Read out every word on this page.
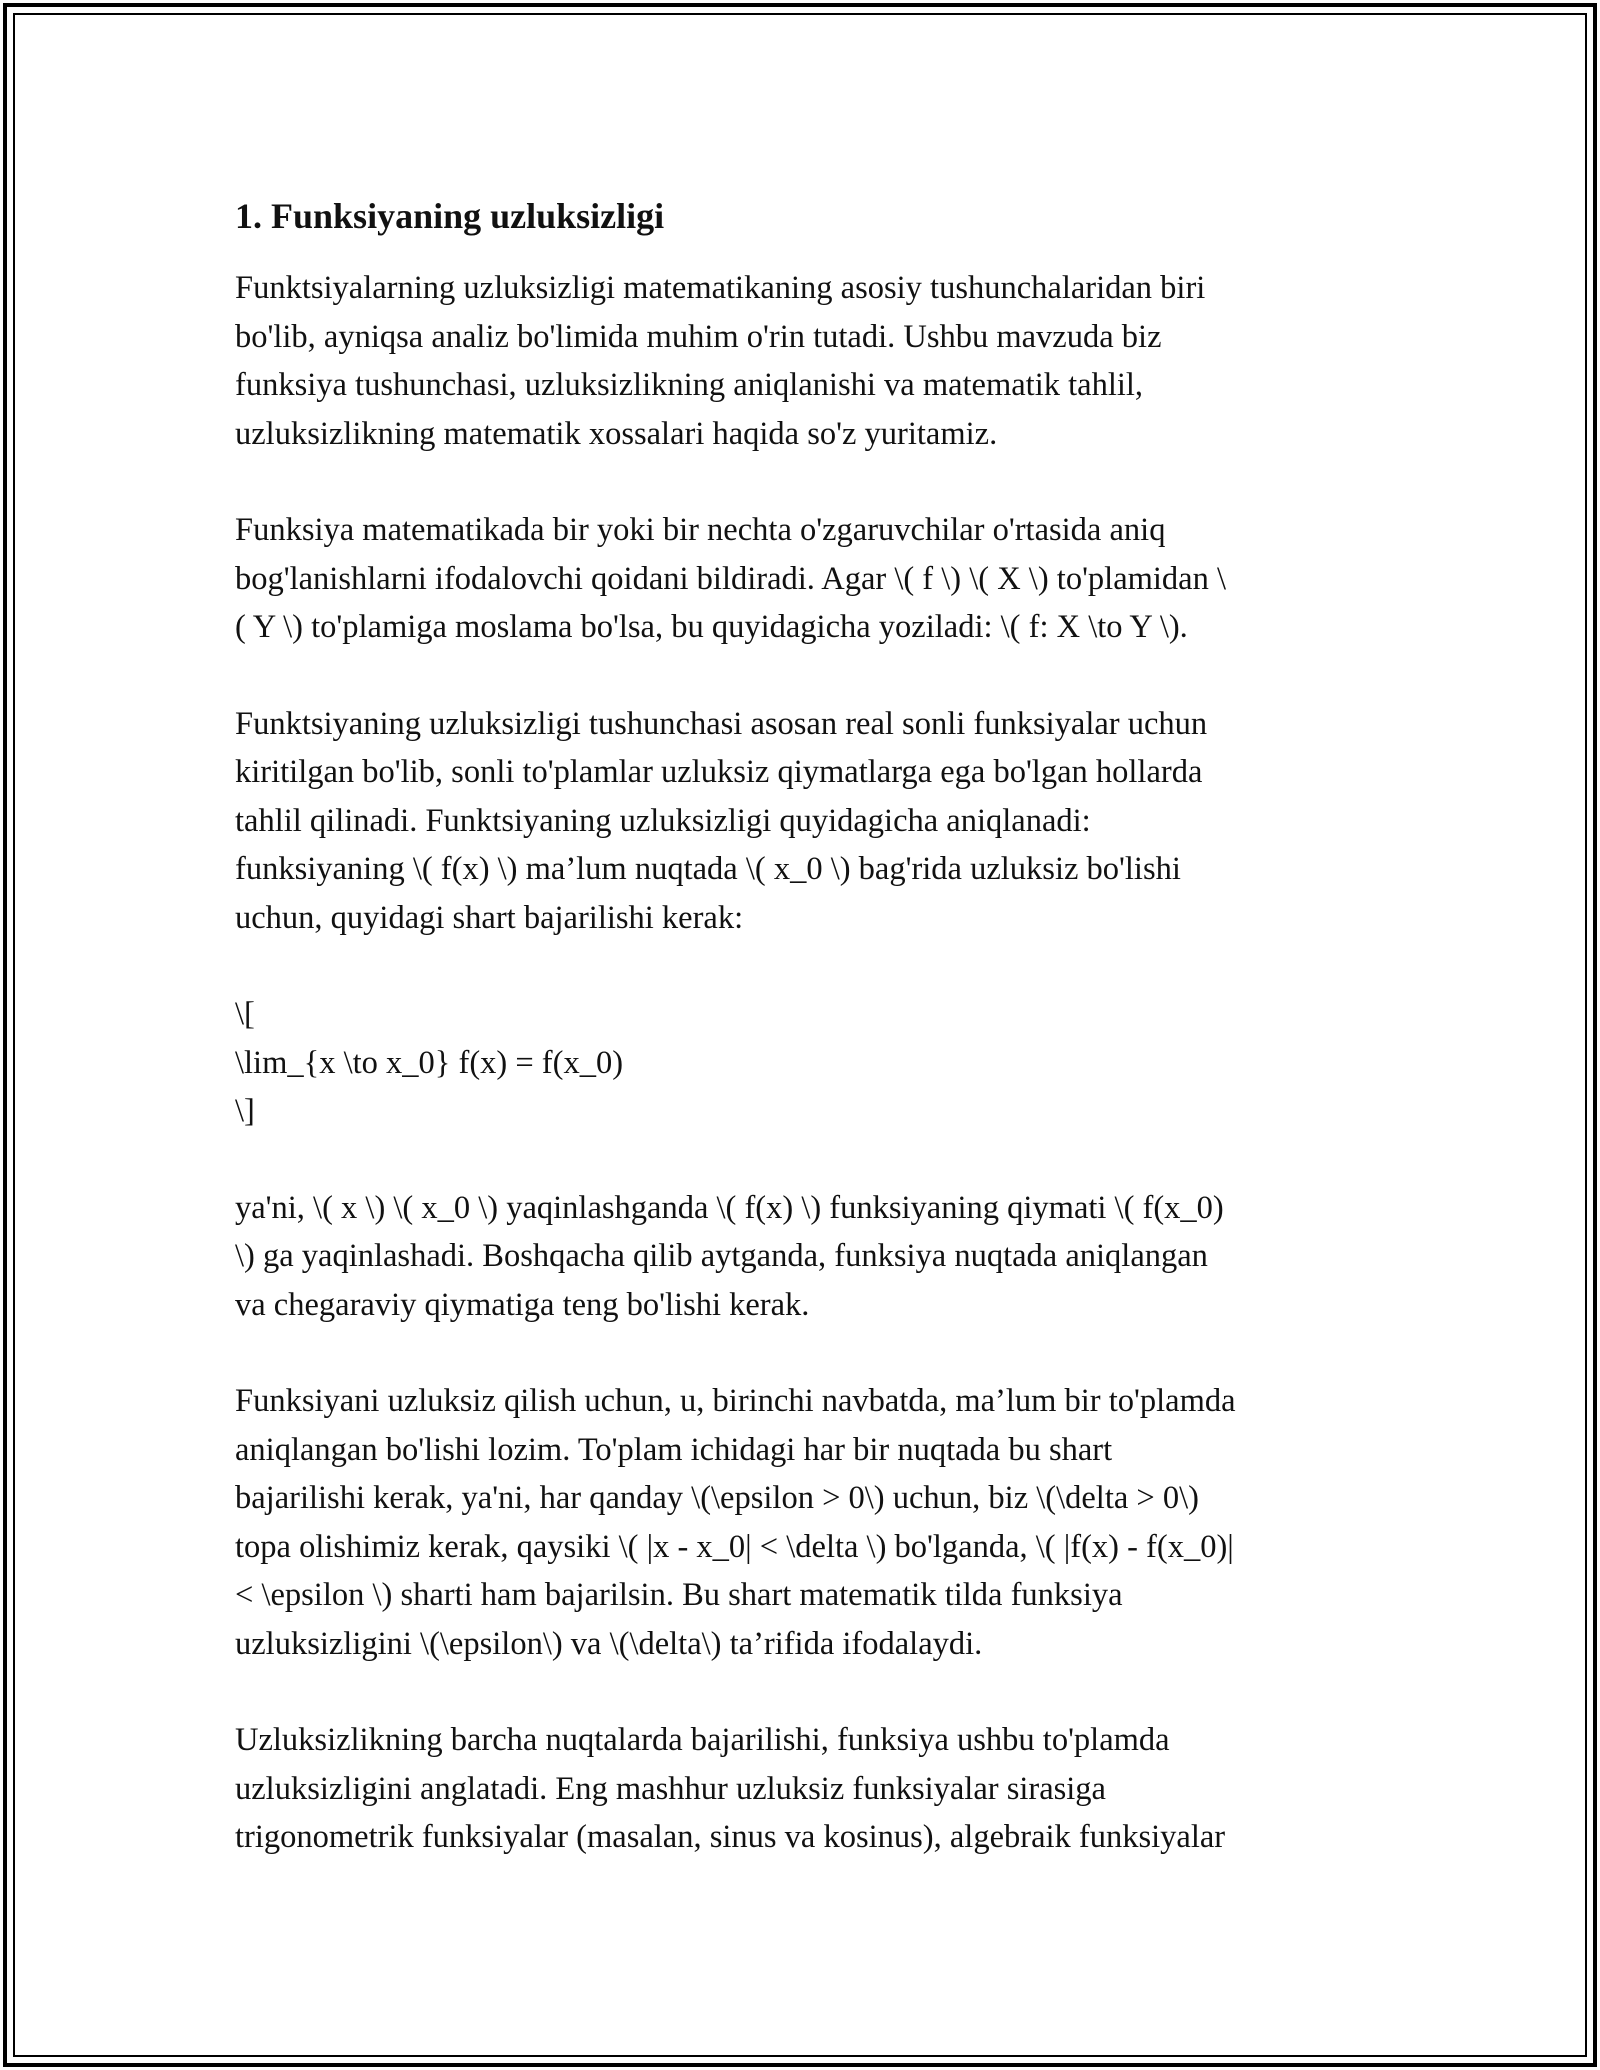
1. Funksiyaning uzluksizligi

Funktsiyalarning uzluksizligi matematikaning asosiy tushunchalaridan biri
bo'lib, ayniqsa analiz bo'limida muhim o'rin tutadi. Ushbu mavzuda biz
funksiya tushunchasi, uzluksizlikning aniqlanishi va matematik tahlil,
uzluksizlikning matematik xossalari haqida so'z yuritamiz.

Funksiya matematikada bir yoki bir nechta o'zgaruvchilar o'rtasida aniq
bog'lanishlarni ifodalovchi qoidani bildiradi. Agar \( f \) \( X \) to'plamidan \
( Y \) to'plamiga moslama bo'lsa, bu quyidagicha yoziladi: \( f: X \to Y \).

Funktsiyaning uzluksizligi tushunchasi asosan real sonli funksiyalar uchun
kiritilgan bo'lib, sonli to'plamlar uzluksiz qiymatlarga ega bo'lgan hollarda
tahlil qilinadi. Funktsiyaning uzluksizligi quyidagicha aniqlanadi:
funksiyaning \( f(x) \) ma’lum nuqtada \( x_0 \) bag'rida uzluksiz bo'lishi
uchun, quyidagi shart bajarilishi kerak:

\[
\lim_{x \to x_0} f(x) = f(x_0)
\]

ya'ni, \( x \) \( x_0 \) yaqinlashganda \( f(x) \) funksiyaning qiymati \( f(x_0)
\) ga yaqinlashadi. Boshqacha qilib aytganda, funksiya nuqtada aniqlangan
va chegaraviy qiymatiga teng bo'lishi kerak.

Funksiyani uzluksiz qilish uchun, u, birinchi navbatda, ma’lum bir to'plamda
aniqlangan bo'lishi lozim. To'plam ichidagi har bir nuqtada bu shart
bajarilishi kerak, ya'ni, har qanday \(\epsilon > 0\) uchun, biz \(\delta > 0\)
topa olishimiz kerak, qaysiki \( |x - x_0| < \delta \) bo'lganda, \( |f(x) - f(x_0)|
< \epsilon \) sharti ham bajarilsin. Bu shart matematik tilda funksiya
uzluksizligini \(\epsilon\) va \(\delta\) ta’rifida ifodalaydi.

Uzluksizlikning barcha nuqtalarda bajarilishi, funksiya ushbu to'plamda
uzluksizligini anglatadi. Eng mashhur uzluksiz funksiyalar sirasiga
trigonometrik funksiyalar (masalan, sinus va kosinus), algebraik funksiyalar
